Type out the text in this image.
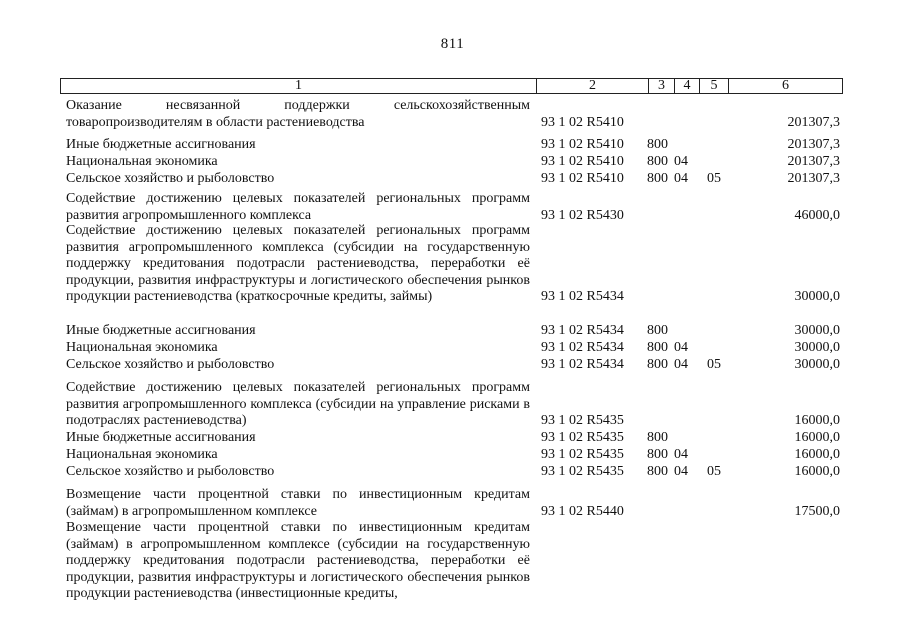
811
1	2	3	4	5	6
Оказание несвязанной поддержки сельскохозяйственным товаропроизводителям в области растениеводства	93 1 02 R5410	201307,3
Иные бюджетные ассигнования	93 1 02 R5410 800	201307,3
Национальная экономика	93 1 02 R5410 800 04	201307,3
Сельское хозяйство и рыболовство	93 1 02 R5410 800 04 05	201307,3
Содействие достижению целевых показателей региональных программ развития агропромышленного комплекса	93 1 02 R5430	46000,0
Содействие достижению целевых показателей региональных программ развития агропромышленного комплекса (субсидии на государственную поддержку кредитования подотрасли растениеводства, переработки её продукции, развития инфраструктуры и логистического обеспечения рынков продукции растениеводства (краткосрочные кредиты, займы)	93 1 02 R5434	30000,0
Иные бюджетные ассигнования	93 1 02 R5434 800	30000,0
Национальная экономика	93 1 02 R5434 800 04	30000,0
Сельское хозяйство и рыболовство	93 1 02 R5434 800 04 05	30000,0
Содействие достижению целевых показателей региональных программ развития агропромышленного комплекса (субсидии на управление рисками в подотраслях растениеводства)	93 1 02 R5435	16000,0
Иные бюджетные ассигнования	93 1 02 R5435 800	16000,0
Национальная экономика	93 1 02 R5435 800 04	16000,0
Сельское хозяйство и рыболовство	93 1 02 R5435 800 04 05	16000,0
Возмещение части процентной ставки по инвестиционным кредитам (займам) в агропромышленном комплексе	93 1 02 R5440	17500,0
Возмещение части процентной ставки по инвестиционным кредитам (займам) в агропромышленном комплексе (субсидии на государственную поддержку кредитования подотрасли растениеводства, переработки её продукции, развития инфраструктуры и логистического обеспечения рынков продукции растениеводства (инвестиционные кредиты,
